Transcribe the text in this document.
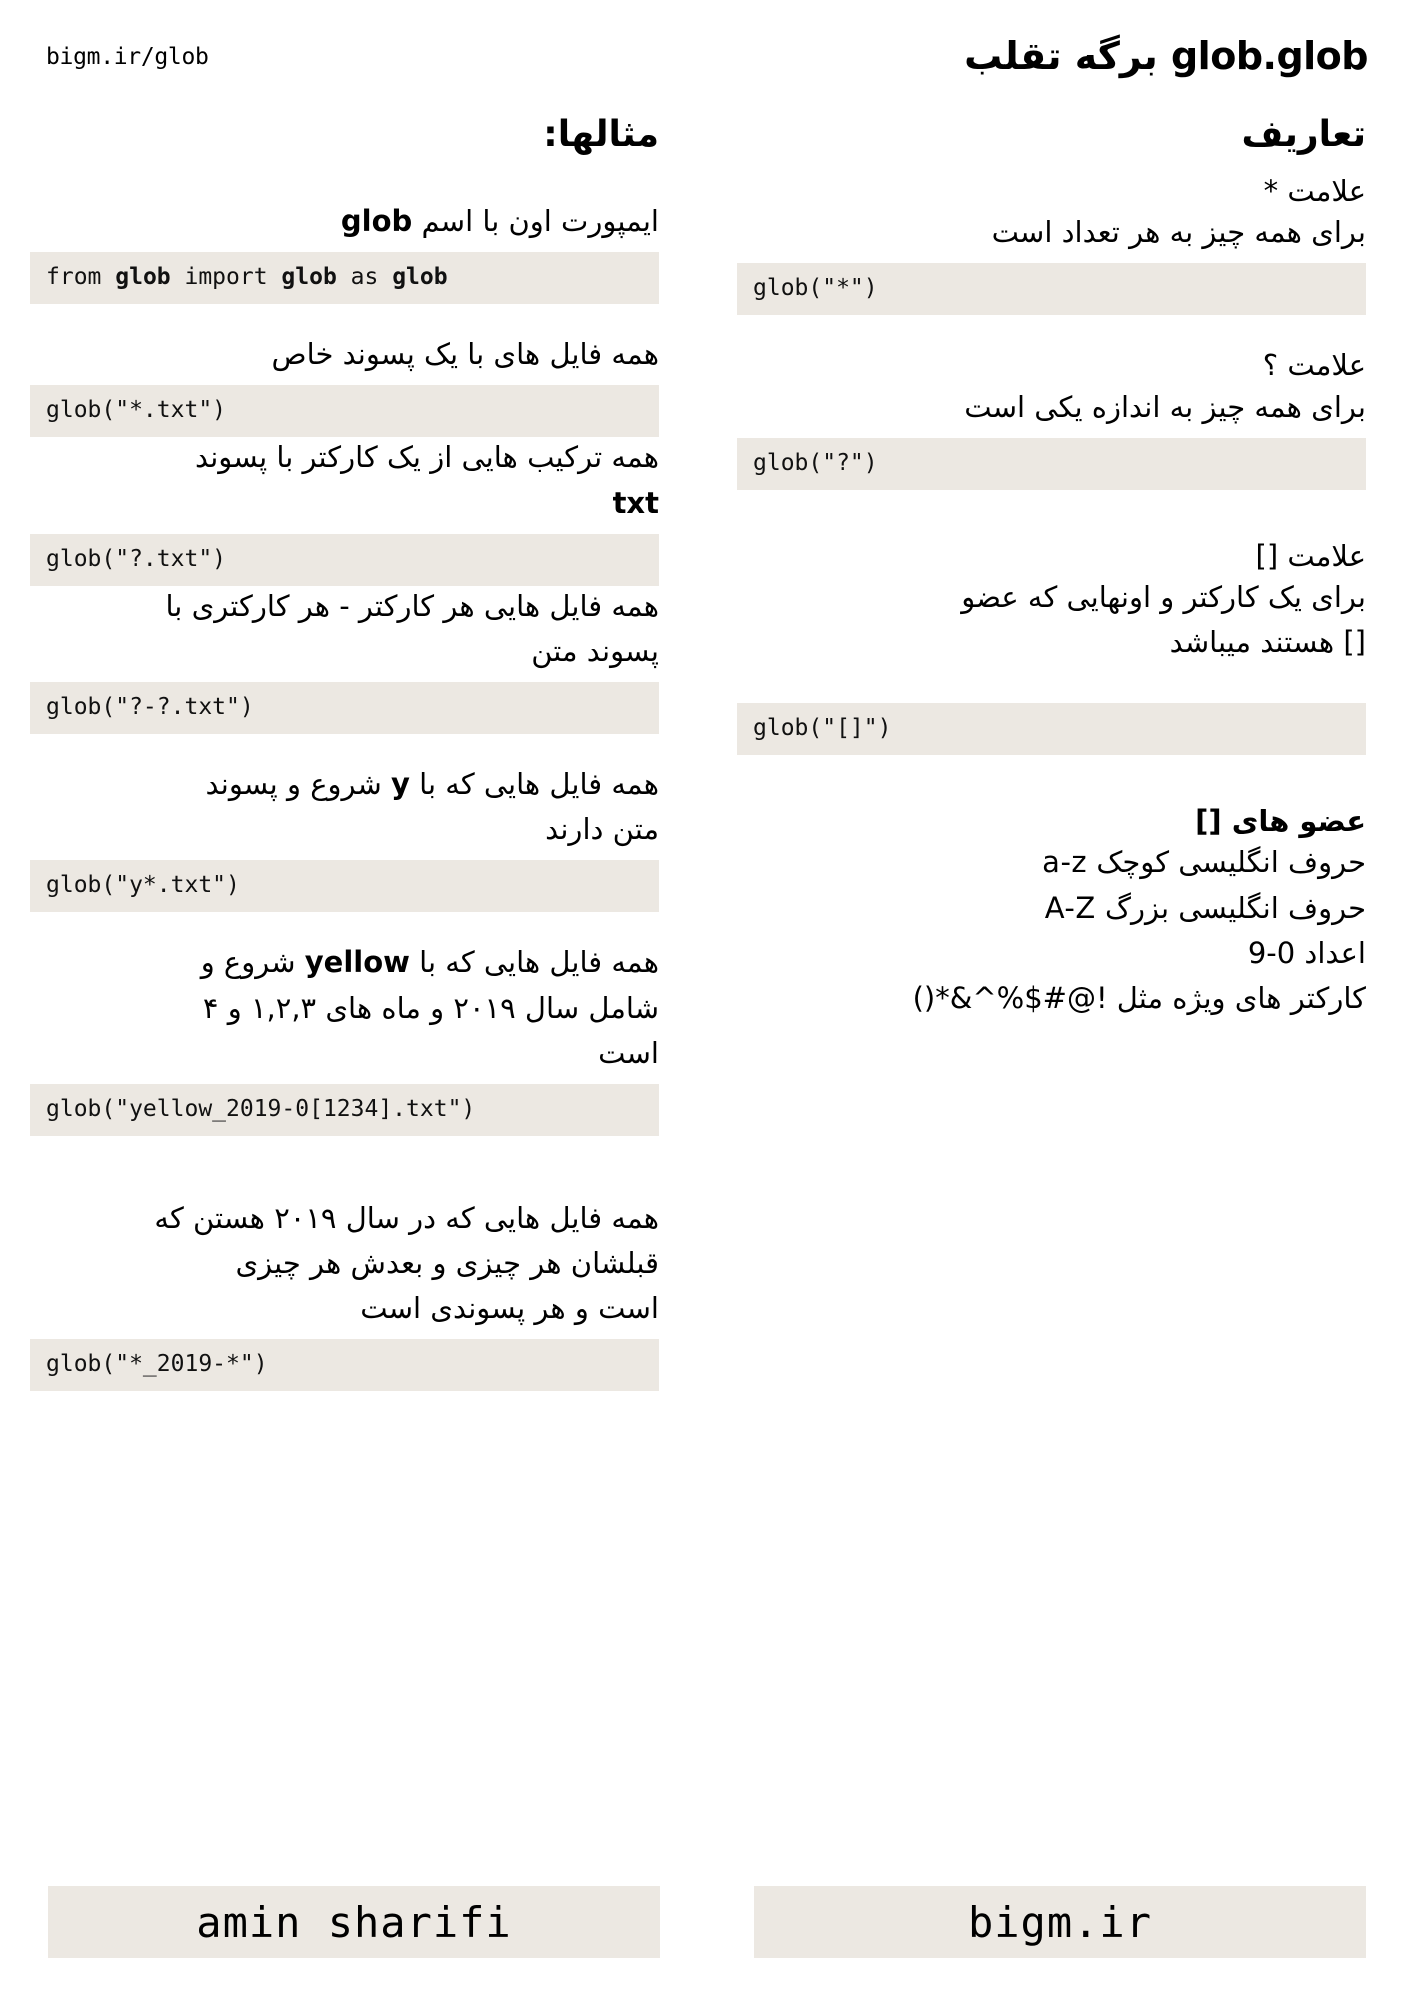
bigm.ir/glob	glob.glob برگه تقلب
تعاریف
علامت *
برای همه چیز به هر تعداد است
glob("*")
علامت ؟
برای همه چیز به اندازه یکی است
glob("?")
علامت []
برای یک کارکتر و اونهایی که عضو
[] هستند میباشد
glob("[]")
عضو های []
حروف انگلیسی کوچک a-z
حروف انگلیسی بزرگ A-Z
اعداد 0-9
کارکتر های ویژه مثل !@#$%^&*()
مثالها:
ایمپورت اون با اسم glob
from glob import glob as glob
همه فایل های با یک پسوند خاص
glob("*.txt")
همه ترکیب هایی از یک کارکتر با پسوند
txt
glob("?.txt")
همه فایل هایی هر کارکتر - هر کارکتری با
پسوند متن
glob("?-?.txt")
همه فایل هایی که با y شروع و پسوند
متن دارند
glob("y*.txt")
همه فایل هایی که با yellow شروع و
شامل سال ۲۰۱۹ و ماه های ۱,۲,۳ و ۴
است
glob("yellow_2019-0[1234].txt")
همه فایل هایی که در سال ۲۰۱۹ هستن که
قبلشان هر چیزی و بعدش هر چیزی
است و هر پسوندی است
glob("*_2019-*")
amin sharifi	bigm.ir
